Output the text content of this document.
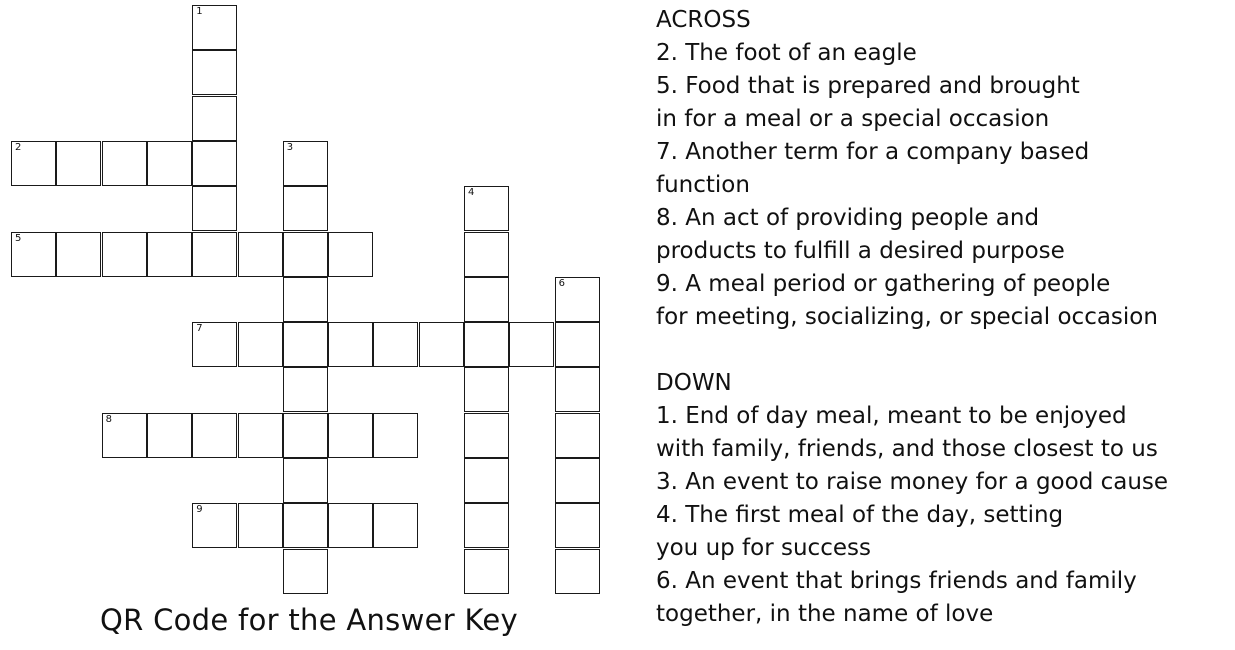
1
2	3
4
5
6
7
8
9
QR Code for the Answer Key
ACROSS
2. The foot of an eagle
5. Food that is prepared and brought
in for a meal or a special occasion
7. Another term for a company based
function
8. An act of providing people and
products to fulfill a desired purpose
9. A meal period or gathering of people
for meeting, socializing, or special occasion
DOWN
1. End of day meal, meant to be enjoyed
with family, friends, and those closest to us
3. An event to raise money for a good cause
4. The first meal of the day, setting
you up for success
6. An event that brings friends and family
together, in the name of love
